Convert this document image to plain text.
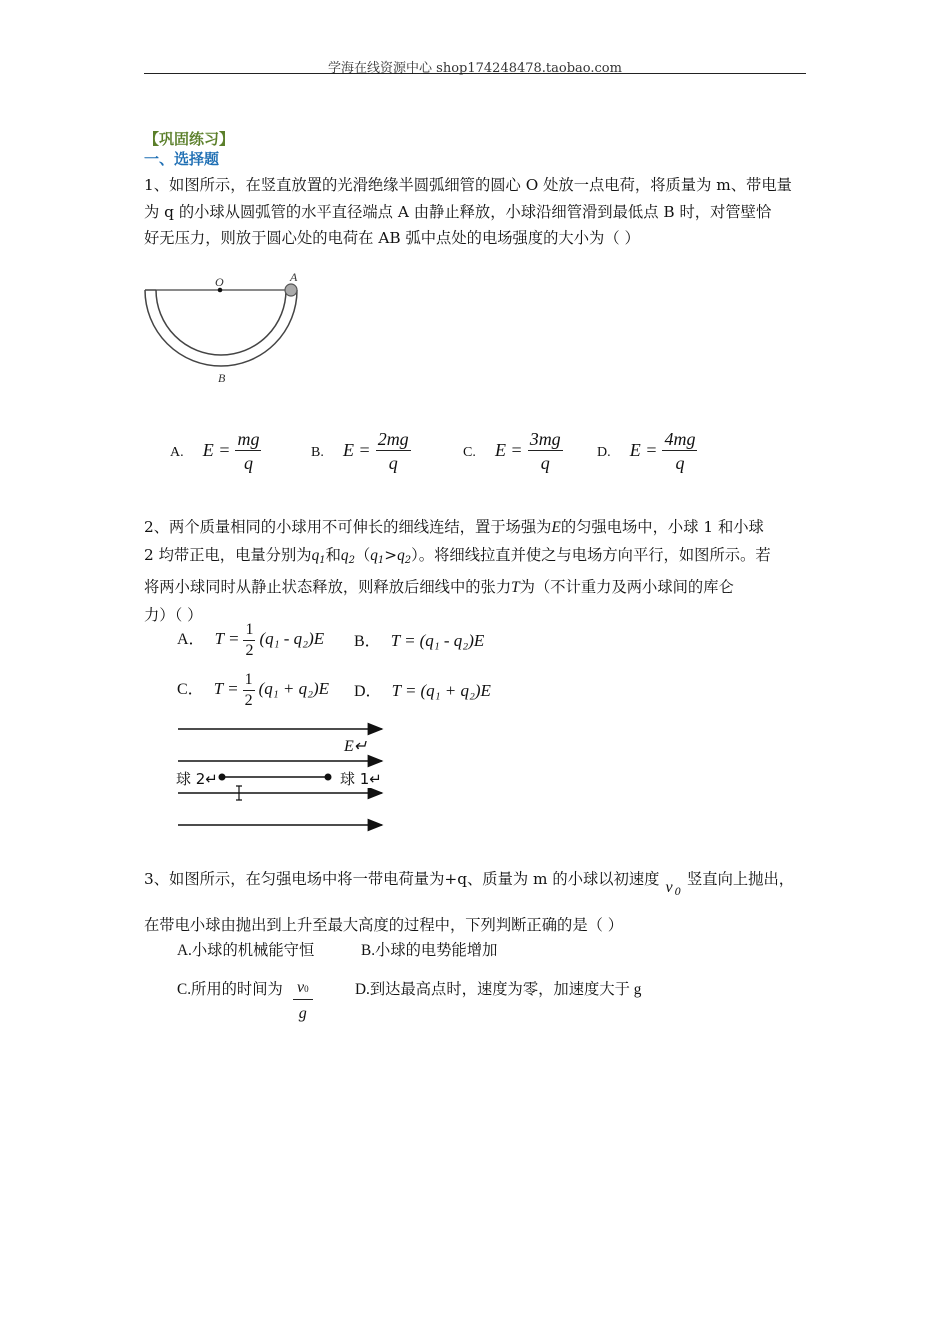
学海在线资源中心 shop174248478.taobao.com
【巩固练习】
一、选择题
1、如图所示，在竖直放置的光滑绝缘半圆弧细管的圆心 O 处放一点电荷，将质量为 m、带电量
为 q 的小球从圆弧管的水平直径端点 A 由静止释放，小球沿细管滑到最低点 B 时，对管壁恰
好无压力，则放于圆心处的电荷在 AB 弧中点处的电场强度的大小为（ ）
O	A
B
A. $E = \frac{mg}{q}$	B. $E = \frac{2mg}{q}$	C. $E = \frac{3mg}{q} D$. $E = \frac{4mg}{q}$
2、两个质量相同的小球用不可伸长的细线连结，置于场强为E的匀强电场中，小球 1 和小球
2 均带正电，电量分别为$q_1$和$q_2(q_1>q_2)$。将细线拉直并使之与电场方向平行，如图所示。若
将两小球同时从静止状态释放，则释放后细线中的张力T为（不计重力及两小球间的库仑
力）（ ）
A． $T = \frac{1}{2} (q_1 - q_2)E$ B． T = (q₁ - q₂)E
C． $T = \frac{1}{2} (q_1 + q_2)E$ D． T = (q₁ + q₂)E
E↵
球 2↵	球 1↵
3、如图所示，在匀强电场中将一带电荷量为+q、质量为 m 的小球以初速度 v $_0$竖直向上抛出，
在带电小球由抛出到上升至最大高度的过程中，下列判断正确的是（ ）
A.小球的机械能守恒	B.小球的电势能增加
C.所用的时间为 v0
g
D.到达最高点时，速度为零，加速度大于 g
